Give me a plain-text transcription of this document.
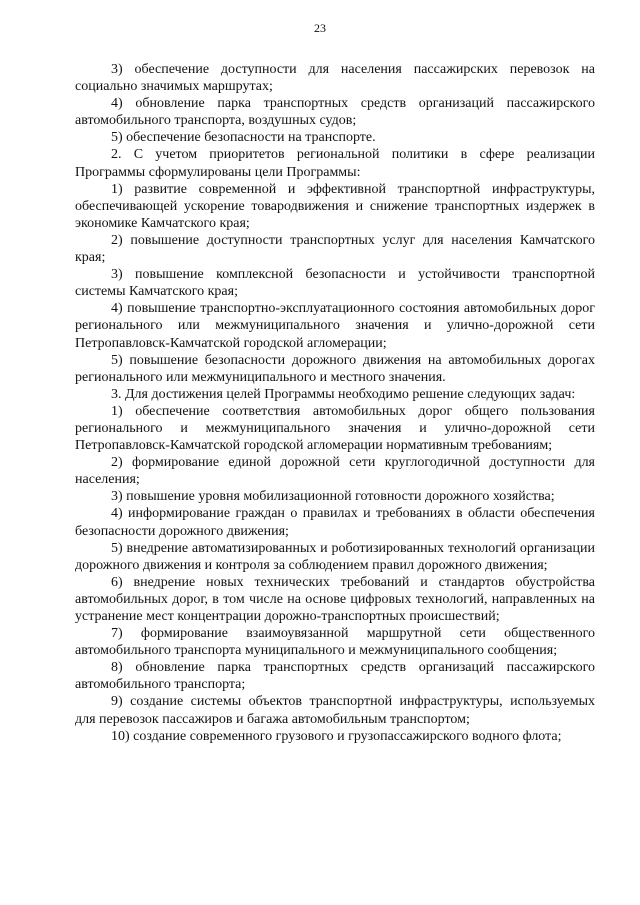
23

3) обеспечение доступности для населения пассажирских перевозок на социально значимых маршрутах;

4) обновление парка транспортных средств организаций пассажирского автомобильного транспорта, воздушных судов;

5) обеспечение безопасности на транспорте.

2. С учетом приоритетов региональной политики в сфере реализации Программы сформулированы цели Программы:

1) развитие современной и эффективной транспортной инфраструктуры, обеспечивающей ускорение товародвижения и снижение транспортных издержек в экономике Камчатского края;

2) повышение доступности транспортных услуг для населения Камчатского края;

3) повышение комплексной безопасности и устойчивости транспортной системы Камчатского края;

4) повышение транспортно-эксплуатационного состояния автомобильных дорог регионального или межмуниципального значения и улично-дорожной сети Петропавловск-Камчатской городской агломерации;

5) повышение безопасности дорожного движения на автомобильных дорогах регионального или межмуниципального и местного значения.

3. Для достижения целей Программы необходимо решение следующих задач:

1) обеспечение соответствия автомобильных дорог общего пользования регионального и межмуниципального значения и улично-дорожной сети Петропавловск-Камчатской городской агломерации нормативным требованиям;

2) формирование единой дорожной сети круглогодичной доступности для населения;

3) повышение уровня мобилизационной готовности дорожного хозяйства;

4) информирование граждан о правилах и требованиях в области обеспечения безопасности дорожного движения;

5) внедрение автоматизированных и роботизированных технологий организации дорожного движения и контроля за соблюдением правил дорожного движения;

6) внедрение новых технических требований и стандартов обустройства автомобильных дорог, в том числе на основе цифровых технологий, направленных на устранение мест концентрации дорожно-транспортных происшествий;

7) формирование взаимоувязанной маршрутной сети общественного автомобильного транспорта муниципального и межмуниципального сообщения;

8) обновление парка транспортных средств организаций пассажирского автомобильного транспорта;

9) создание системы объектов транспортной инфраструктуры, используемых для перевозок пассажиров и багажа автомобильным транспортом;

10) создание современного грузового и грузопассажирского водного флота;
